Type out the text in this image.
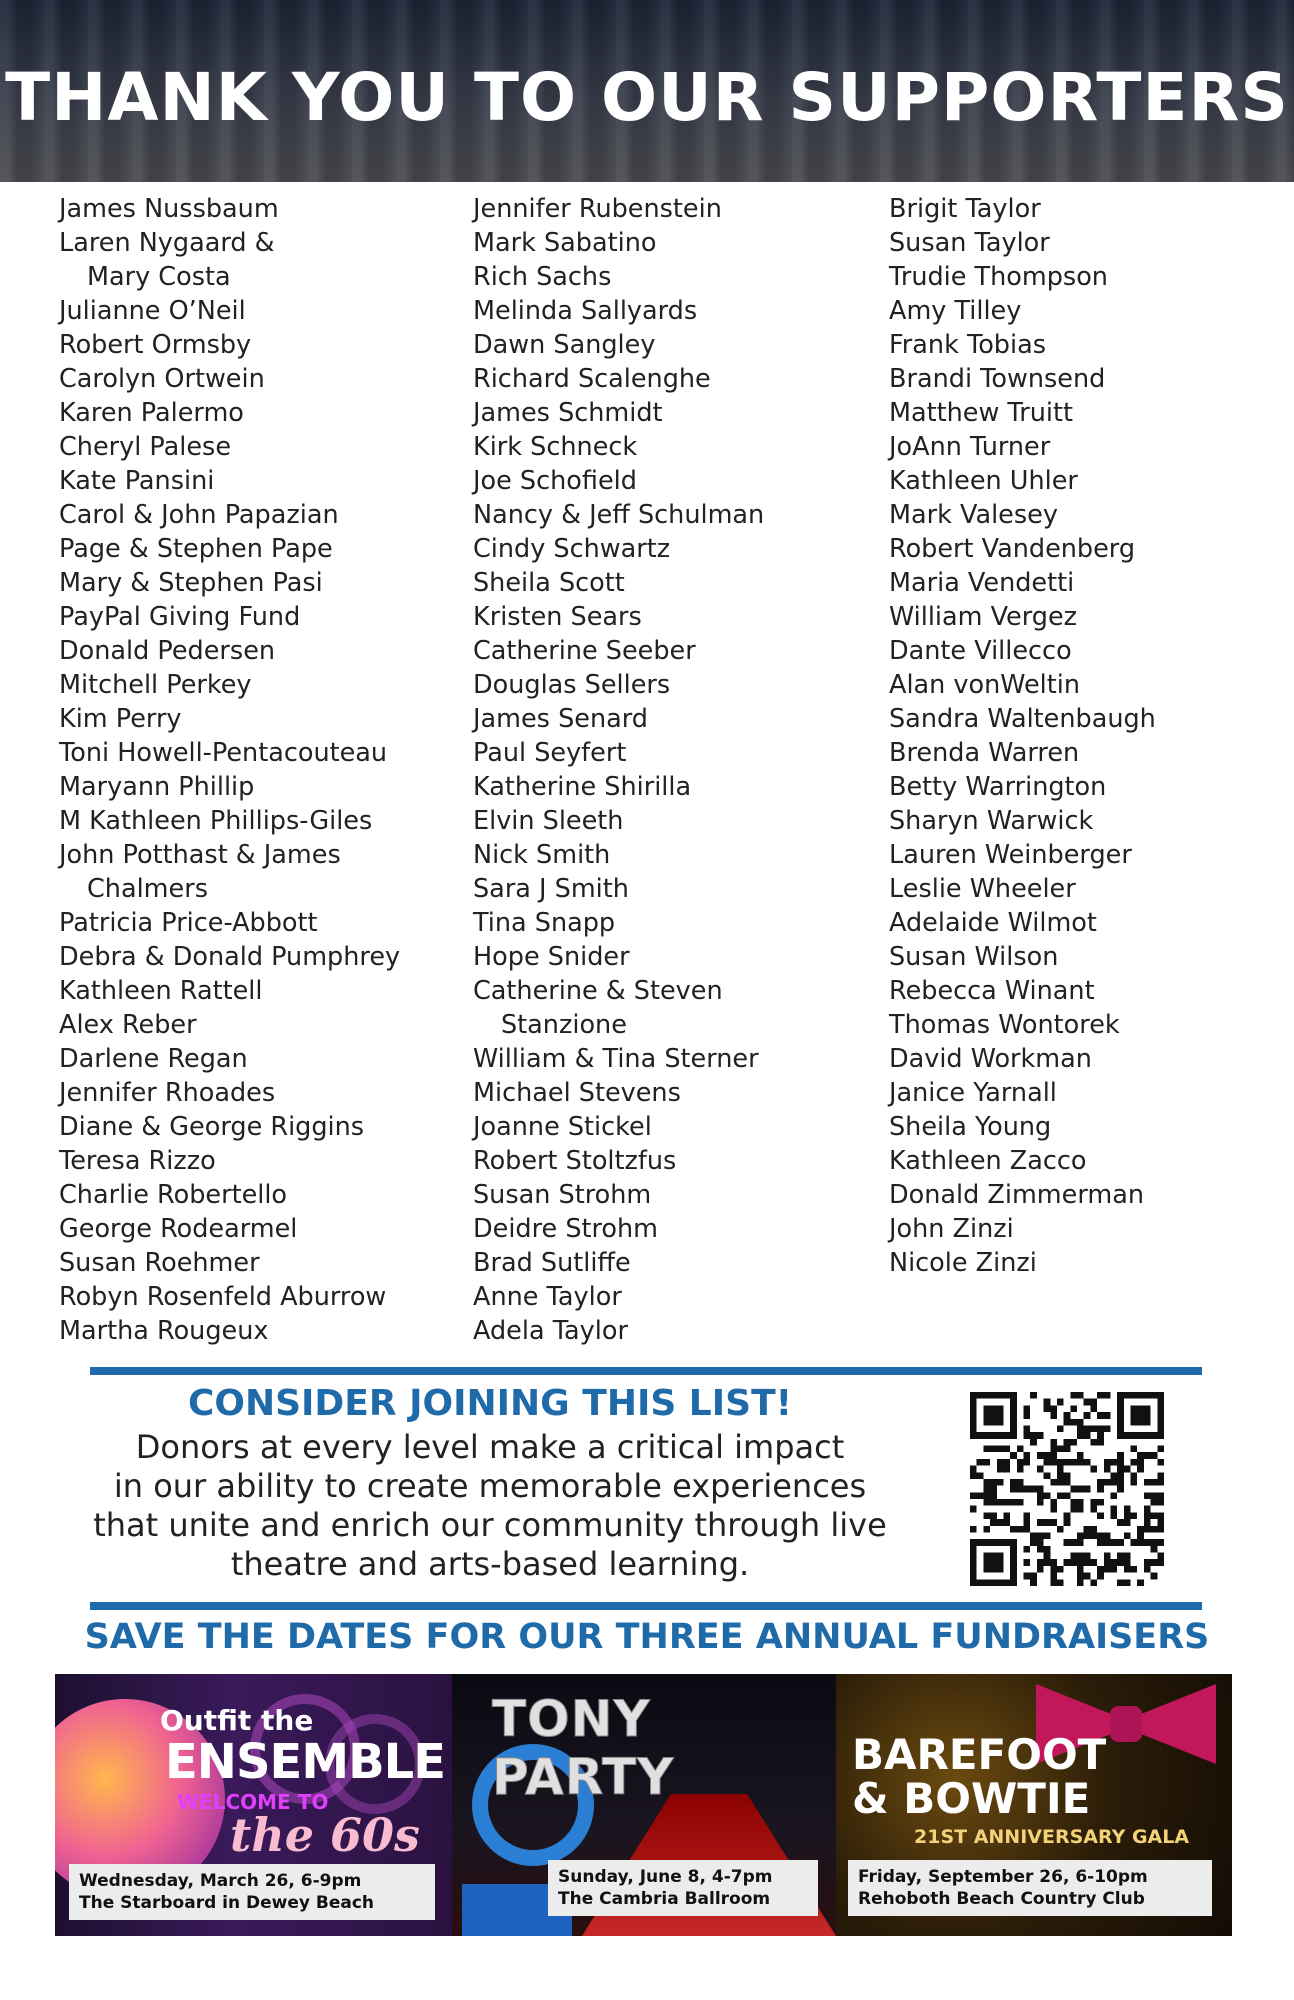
THANK YOU TO OUR SUPPORTERS
James Nussbaum
Laren Nygaard &
Mary Costa
Julianne O’Neil
Robert Ormsby
Carolyn Ortwein
Karen Palermo
Cheryl Palese
Kate Pansini
Carol & John Papazian
Page & Stephen Pape
Mary & Stephen Pasi
PayPal Giving Fund
Donald Pedersen
Mitchell Perkey
Kim Perry
Toni Howell-Pentacouteau
Maryann Phillip
M Kathleen Phillips-Giles
John Potthast & James
Chalmers
Patricia Price-Abbott
Debra & Donald Pumphrey
Kathleen Rattell
Alex Reber
Darlene Regan
Jennifer Rhoades
Diane & George Riggins
Teresa Rizzo
Charlie Robertello
George Rodearmel
Susan Roehmer
Robyn Rosenfeld Aburrow
Martha Rougeux
Jennifer Rubenstein
Mark Sabatino
Rich Sachs
Melinda Sallyards
Dawn Sangley
Richard Scalenghe
James Schmidt
Kirk Schneck
Joe Schofield
Nancy & Jeff Schulman
Cindy Schwartz
Sheila Scott
Kristen Sears
Catherine Seeber
Douglas Sellers
James Senard
Paul Seyfert
Katherine Shirilla
Elvin Sleeth
Nick Smith
Sara J Smith
Tina Snapp
Hope Snider
Catherine & Steven
Stanzione
William & Tina Sterner
Michael Stevens
Joanne Stickel
Robert Stoltzfus
Susan Strohm
Deidre Strohm
Brad Sutliffe
Anne Taylor
Adela Taylor
Brigit Taylor
Susan Taylor
Trudie Thompson
Amy Tilley
Frank Tobias
Brandi Townsend
Matthew Truitt
JoAnn Turner
Kathleen Uhler
Mark Valesey
Robert Vandenberg
Maria Vendetti
William Vergez
Dante Villecco
Alan vonWeltin
Sandra Waltenbaugh
Brenda Warren
Betty Warrington
Sharyn Warwick
Lauren Weinberger
Leslie Wheeler
Adelaide Wilmot
Susan Wilson
Rebecca Winant
Thomas Wontorek
David Workman
Janice Yarnall
Sheila Young
Kathleen Zacco
Donald Zimmerman
John Zinzi
Nicole Zinzi
CONSIDER JOINING THIS LIST!
Donors at every level make a critical impact
in our ability to create memorable experiences
that unite and enrich our community through live
theatre and arts-based learning.
SAVE THE DATES FOR OUR THREE ANNUAL FUNDRAISERS
Outfit the
ENSEMBLE
WELCOME TO
the 60s
Wednesday, March 26, 6-9pm
The Starboard in Dewey Beach
TONY PARTY
Sunday, June 8, 4-7pm
The Cambria Ballroom
BAREFOOT
& BOWTIE
21ST ANNIVERSARY GALA
Friday, September 26, 6-10pm
Rehoboth Beach Country Club
